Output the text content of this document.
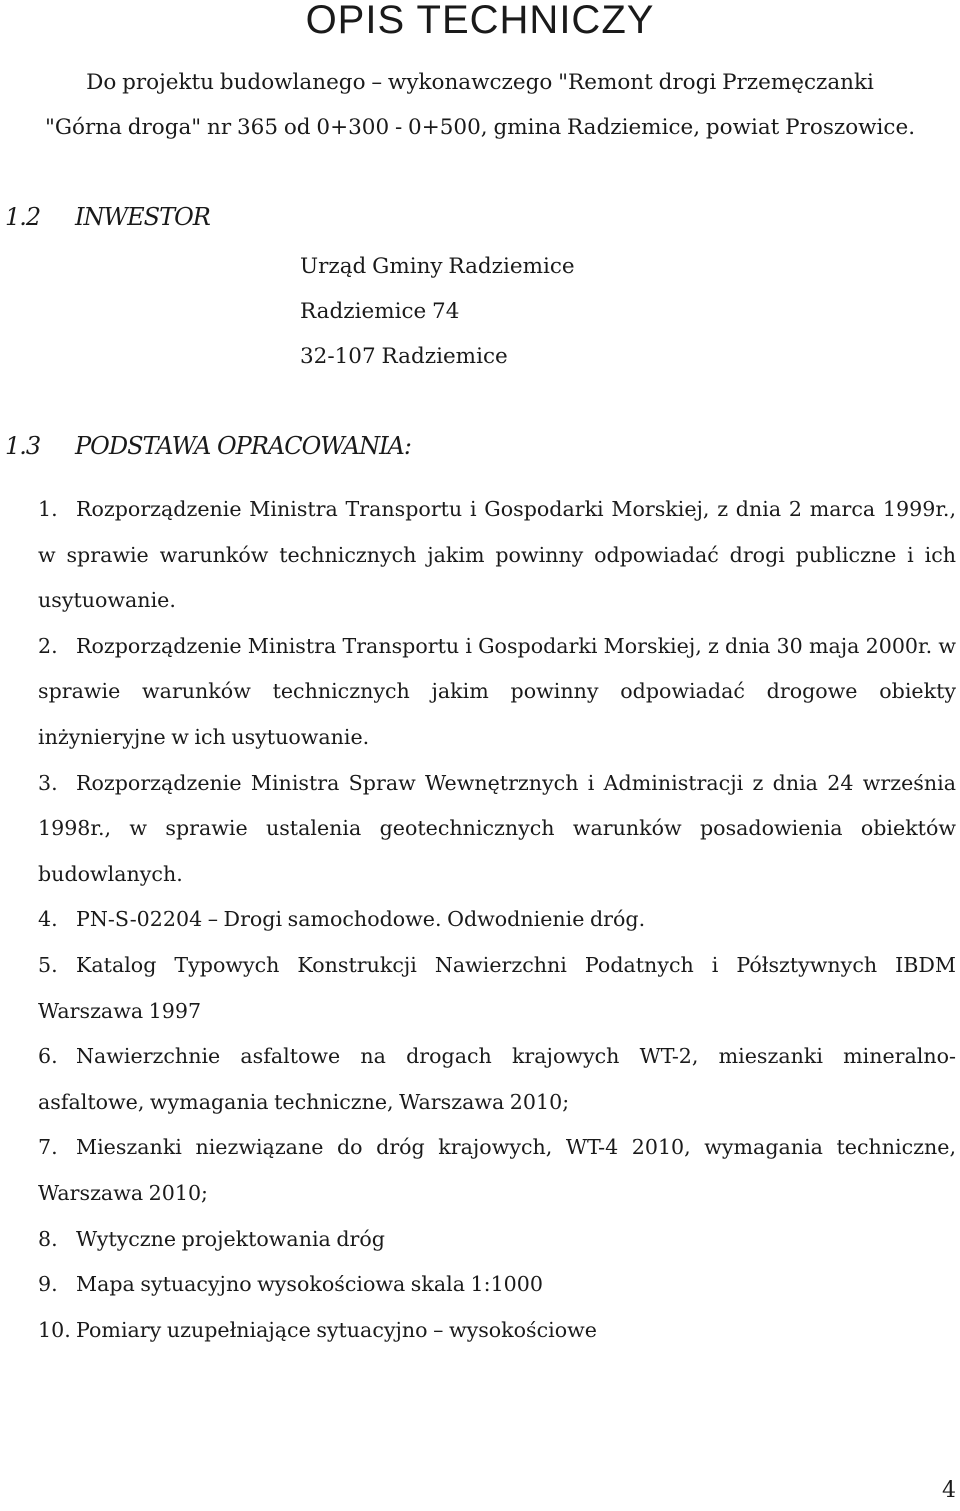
OPIS TECHNICZY
Do projektu budowlanego – wykonawczego "Remont drogi Przemęczanki
"Górna droga" nr 365 od 0+300 - 0+500, gmina Radziemice, powiat Proszowice.
1.2 INWESTOR
Urząd Gminy Radziemice
Radziemice 74
32-107 Radziemice
1.3 PODSTAWA OPRACOWANIA:
1. Rozporządzenie Ministra Transportu i Gospodarki Morskiej, z dnia 2 marca 1999r., w sprawie warunków technicznych jakim powinny odpowiadać drogi publiczne i ich usytuowanie.
2. Rozporządzenie Ministra Transportu i Gospodarki Morskiej, z dnia 30 maja 2000r. w sprawie warunków technicznych jakim powinny odpowiadać drogowe obiekty inżynieryjne w ich usytuowanie.
3. Rozporządzenie Ministra Spraw Wewnętrznych i Administracji z dnia 24 września 1998r., w sprawie ustalenia geotechnicznych warunków posadowienia obiektów budowlanych.
4. PN-S-02204 – Drogi samochodowe. Odwodnienie dróg.
5. Katalog Typowych Konstrukcji Nawierzchni Podatnych i Półsztywnych IBDM Warszawa 1997
6. Nawierzchnie asfaltowe na drogach krajowych WT-2, mieszanki mineralno-asfaltowe, wymagania techniczne, Warszawa 2010;
7. Mieszanki niezwiązane do dróg krajowych, WT-4 2010, wymagania techniczne, Warszawa 2010;
8. Wytyczne projektowania dróg
9. Mapa sytuacyjno wysokościowa skala 1:1000
10. Pomiary uzupełniające sytuacyjno – wysokościowe
4
